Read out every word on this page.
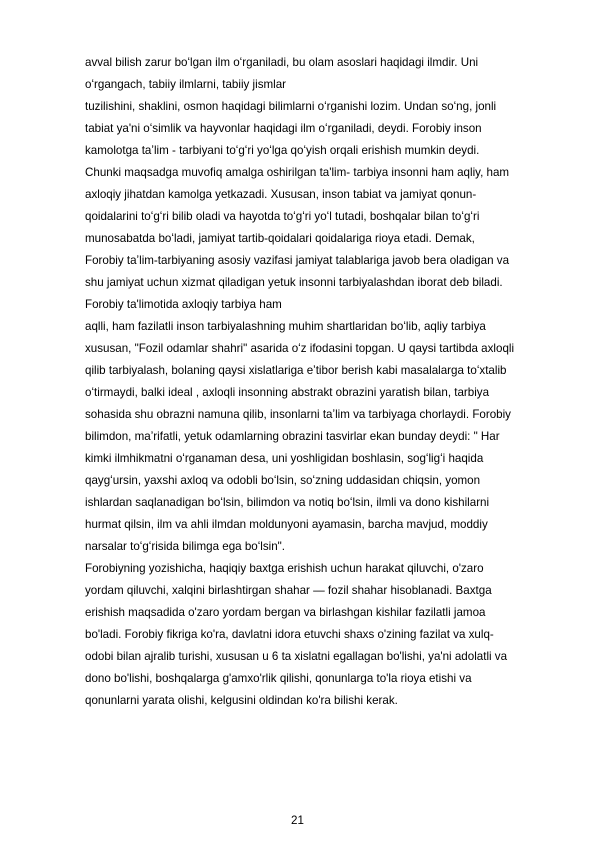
avval bilish zarur boʻlgan ilm oʻrganiladi, bu olam asoslari haqidagi ilmdir. Uni
oʻrgangach, tabiiy ilmlarni, tabiiy jismlar
tuzilishini, shaklini, osmon haqidagi bilimlarni oʻrganishi lozim. Undan soʻng, jonli
tabiat ya'ni oʻsimlik va hayvonlar haqidagi ilm oʻrganiladi, deydi. Forobiy inson
kamolotga taʼlim - tarbiyani toʻgʻri yoʻlga qoʻyish orqali erishish mumkin deydi.
Chunki maqsadga muvofiq amalga oshirilgan ta'lim- tarbiya insonni ham aqliy, ham
axloqiy jihatdan kamolga yetkazadi. Xususan, inson tabiat va jamiyat qonun-
qoidalarini toʻgʻri bilib oladi va hayotda toʻgʻri yoʻl tutadi, boshqalar bilan toʻgʻri
munosabatda boʻladi, jamiyat tartib-qoidalari qoidalariga rioya etadi. Demak,
Forobiy taʼlim-tarbiyaning asosiy vazifasi jamiyat talablariga javob bera oladigan va
shu jamiyat uchun xizmat qiladigan yetuk insonni tarbiyalashdan iborat deb biladi.
Forobiy ta'limotida axloqiy tarbiya ham
aqlli, ham fazilatli inson tarbiyalashning muhim shartlaridan boʻlib, aqliy tarbiya
xususan, "Fozil odamlar shahri" asarida oʻz ifodasini topgan. U qaysi tartibda axloqli
qilib tarbiyalash, bolaning qaysi xislatlariga eʼtibor berish kabi masalalarga toʻxtalib
oʻtirmaydi, balki ideal , axloqli insonning abstrakt obrazini yaratish bilan, tarbiya
sohasida shu obrazni namuna qilib, insonlarni taʼlim va tarbiyaga chorlaydi. Forobiy
bilimdon, maʼrifatli, yetuk odamlarning obrazini tasvirlar ekan bunday deydi: " Har
kimki ilmhikmatni oʻrganaman desa, uni yoshligidan boshlasin, sogʻligʻi haqida
qaygʻursin, yaxshi axloq va odobli boʻlsin, soʻzning uddasidan chiqsin, yomon
ishlardan saqlanadigan boʻlsin, bilimdon va notiq boʻlsin, ilmli va dono kishilarni
hurmat qilsin, ilm va ahli ilmdan moldunyoni ayamasin, barcha mavjud, moddiy
narsalar toʻgʻrisida bilimga ega boʻlsin".
Forobiyning yozishicha, haqiqiy baxtga erishish uchun harakat qiluvchi, o'zaro
yordam qiluvchi, xalqini birlashtirgan shahar — fozil shahar hisoblanadi. Baxtga
erishish maqsadida o'zaro yordam bergan va birlashgan kishilar fazilatli jamoa
bo'ladi. Forobiy fikriga ko'ra, davlatni idora etuvchi shaxs o'zining fazilat va xulq-
odobi bilan ajralib turishi, xususan u 6 ta xislatni egallagan bo'lishi, ya'ni adolatli va
dono bo'lishi, boshqalarga g'amxo'rlik qilishi, qonunlarga to'la rioya etishi va
qonunlarni yarata olishi, kelgusini oldindan ko'ra bilishi kerak.
21
